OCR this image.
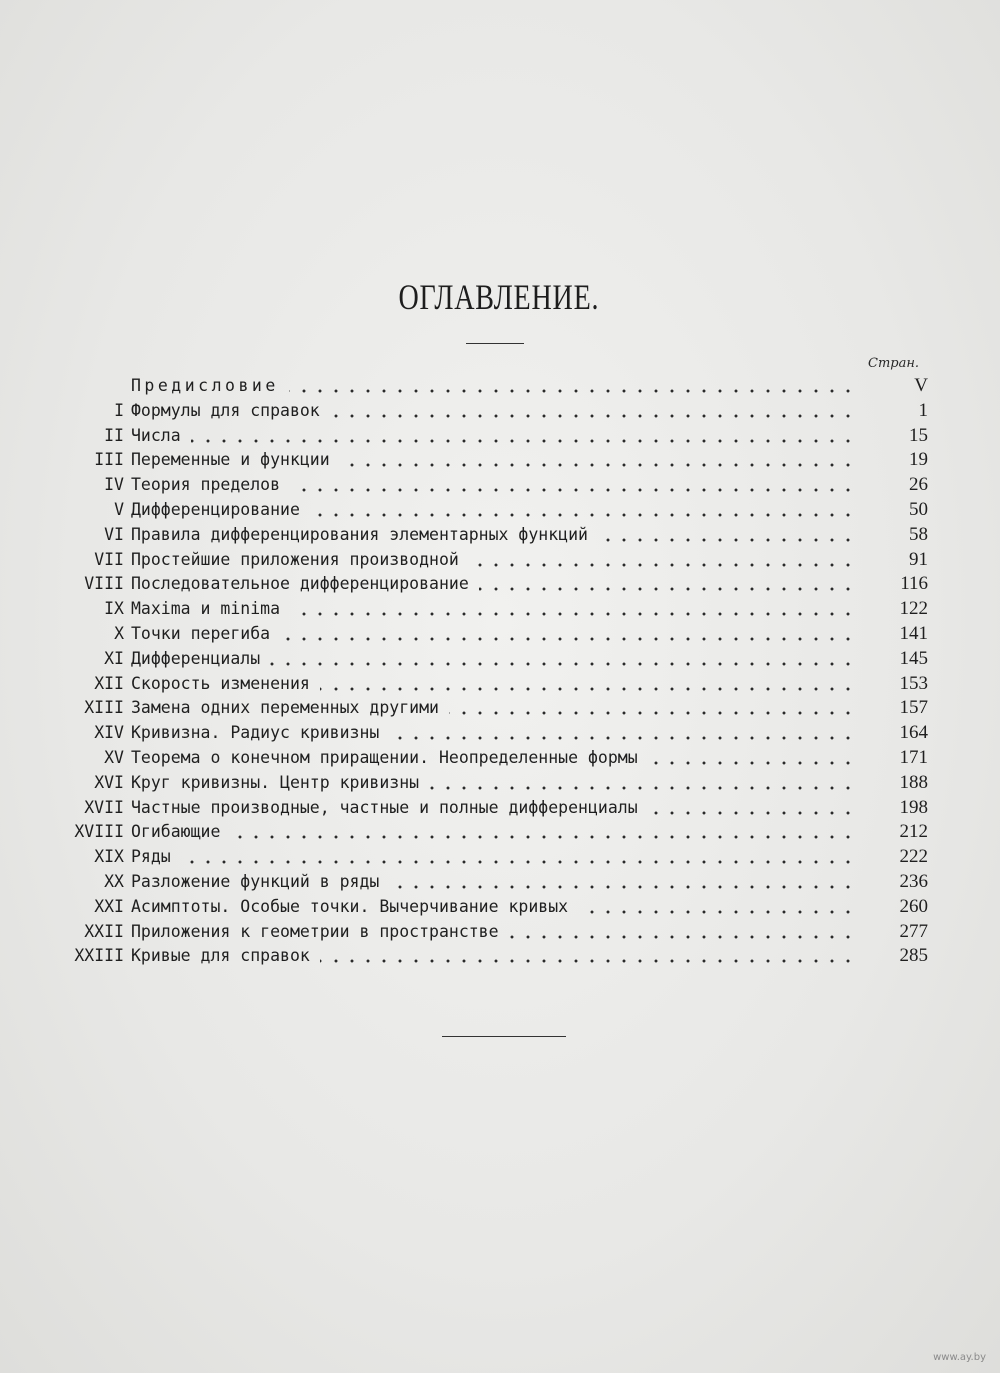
ОГЛАВЛЕНИЕ.
Стран.
Предисловие	V
I Формулы для справок	1
II Числа	15
III Переменные и функции	19
IV Теория пределов	26
V Дифференцирование	50
VI Правила дифференцирования элементарных функций	58
VII Простейшие приложения производной	91
VIII Последовательное дифференцирование	116
IX Maxima и minima	122
X Точки перегиба	141
XI Дифференциалы	145
XII Скорость изменения	153
XIII Замена одних переменных другими	157
XIV Кривизна. Радиус кривизны	164
XV Теорема о конечном приращении. Неопределенные формы	171
XVI Круг кривизны. Центр кривизны	188
XVII Частные производные, частные и полные дифференциалы	198
XVIII Огибающие	212
XIX Ряды	222
XX Разложение функций в ряды	236
XXI Асимптоты. Особые точки. Вычерчивание кривых	260
XXII Приложения к геометрии в пространстве	277
XXIII Кривые для справок	285
www.ay.by
